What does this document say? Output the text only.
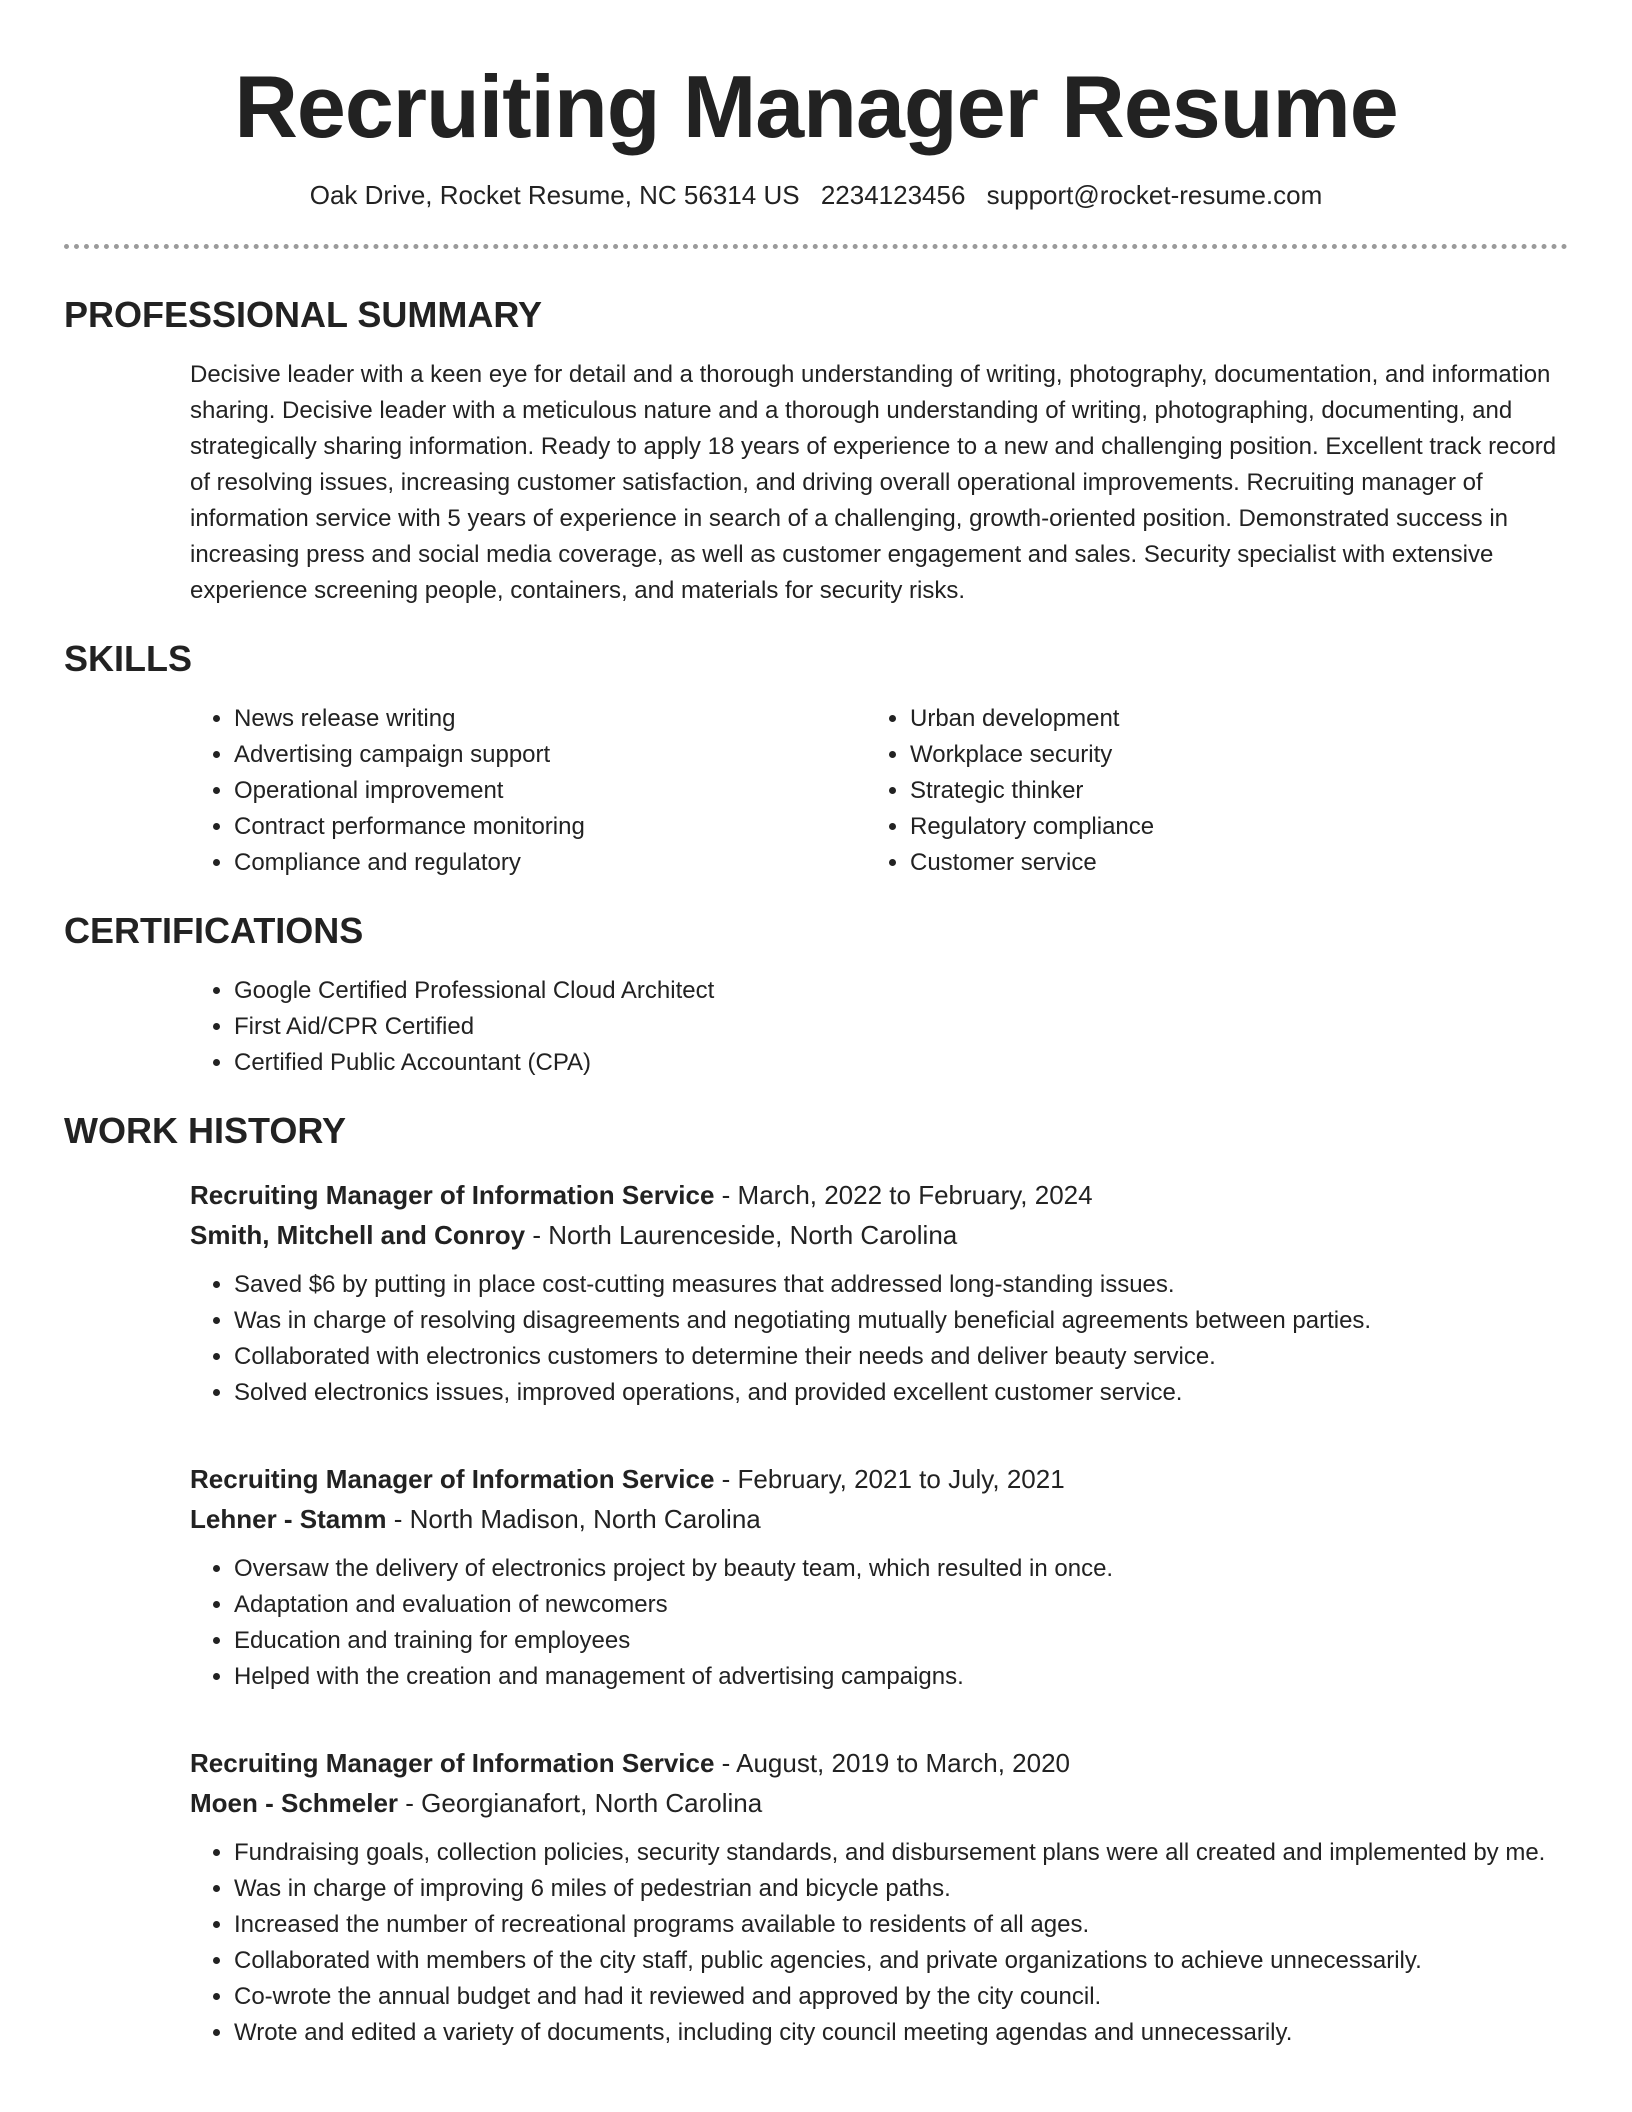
Recruiting Manager Resume
Oak Drive, Rocket Resume, NC 56314 US 2234123456 support@rocket-resume.com
PROFESSIONAL SUMMARY
Decisive leader with a keen eye for detail and a thorough understanding of writing, photography, documentation, and information sharing. Decisive leader with a meticulous nature and a thorough understanding of writing, photographing, documenting, and strategically sharing information. Ready to apply 18 years of experience to a new and challenging position. Excellent track record of resolving issues, increasing customer satisfaction, and driving overall operational improvements. Recruiting manager of information service with 5 years of experience in search of a challenging, growth-oriented position. Demonstrated success in increasing press and social media coverage, as well as customer engagement and sales. Security specialist with extensive experience screening people, containers, and materials for security risks.
SKILLS
• News release writing
• Advertising campaign support
• Operational improvement
• Contract performance monitoring
• Compliance and regulatory
• Urban development
• Workplace security
• Strategic thinker
• Regulatory compliance
• Customer service
CERTIFICATIONS
• Google Certified Professional Cloud Architect
• First Aid/CPR Certified
• Certified Public Accountant (CPA)
WORK HISTORY
Recruiting Manager of Information Service - March, 2022 to February, 2024
Smith, Mitchell and Conroy - North Laurenceside, North Carolina
• Saved $6 by putting in place cost-cutting measures that addressed long-standing issues.
• Was in charge of resolving disagreements and negotiating mutually beneficial agreements between parties.
• Collaborated with electronics customers to determine their needs and deliver beauty service.
• Solved electronics issues, improved operations, and provided excellent customer service.
Recruiting Manager of Information Service - February, 2021 to July, 2021
Lehner - Stamm - North Madison, North Carolina
• Oversaw the delivery of electronics project by beauty team, which resulted in once.
• Adaptation and evaluation of newcomers
• Education and training for employees
• Helped with the creation and management of advertising campaigns.
Recruiting Manager of Information Service - August, 2019 to March, 2020
Moen - Schmeler - Georgianafort, North Carolina
• Fundraising goals, collection policies, security standards, and disbursement plans were all created and implemented by me.
• Was in charge of improving 6 miles of pedestrian and bicycle paths.
• Increased the number of recreational programs available to residents of all ages.
• Collaborated with members of the city staff, public agencies, and private organizations to achieve unnecessarily.
• Co-wrote the annual budget and had it reviewed and approved by the city council.
• Wrote and edited a variety of documents, including city council meeting agendas and unnecessarily.
